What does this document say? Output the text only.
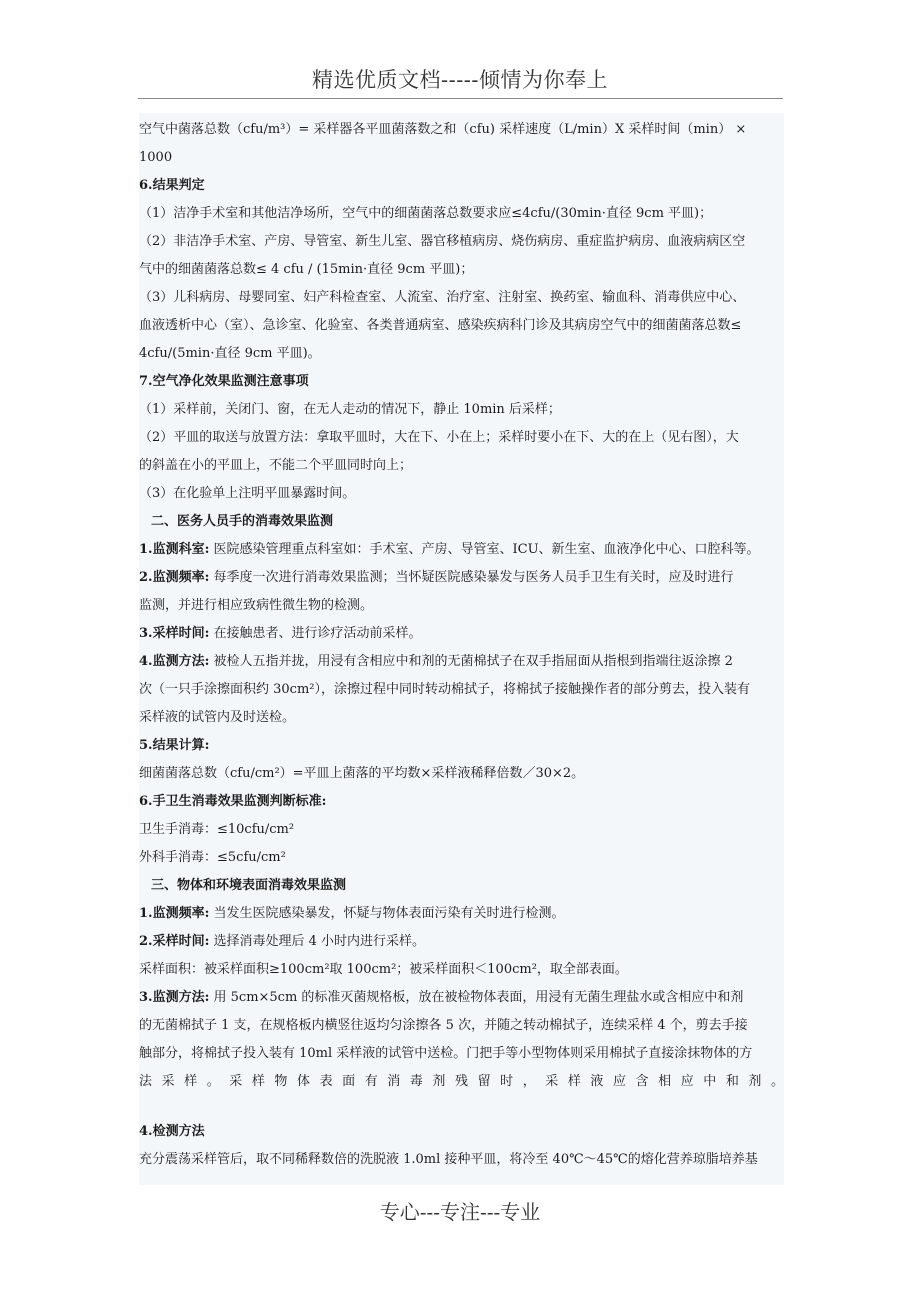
精选优质文档-----倾情为你奉上
空气中菌落总数（cfu/m³）= 采样器各平皿菌落数之和（cfu) 采样速度（L/min）X 采样时间（min） ×
1000
6.结果判定
（1）洁净手术室和其他洁净场所，空气中的细菌菌落总数要求应≤4cfu/(30min·直径 9cm 平皿)；
（2）非洁净手术室、产房、导管室、新生儿室、器官移植病房、烧伤病房、重症监护病房、血液病病区空
气中的细菌菌落总数≤ 4 cfu / (15min·直径 9cm 平皿)；
（3）儿科病房、母婴同室、妇产科检查室、人流室、治疗室、注射室、换药室、输血科、消毒供应中心、
血液透析中心（室）、急诊室、化验室、各类普通病室、感染疾病科门诊及其病房空气中的细菌菌落总数≤
4cfu/(5min·直径 9cm 平皿)。
7.空气净化效果监测注意事项
（1）采样前，关闭门、窗，在无人走动的情况下，静止 10min 后采样；
（2）平皿的取送与放置方法：拿取平皿时，大在下、小在上；采样时要小在下、大的在上（见右图），大
的斜盖在小的平皿上，不能二个平皿同时向上；
（3）在化验单上注明平皿暴露时间。
二、医务人员手的消毒效果监测
1.监测科室: 医院感染管理重点科室如：手术室、产房、导管室、ICU、新生室、血液净化中心、口腔科等。
2.监测频率: 每季度一次进行消毒效果监测；当怀疑医院感染暴发与医务人员手卫生有关时，应及时进行
监测，并进行相应致病性微生物的检测。
3.采样时间: 在接触患者、进行诊疗活动前采样。
4.监测方法: 被检人五指并拢，用浸有含相应中和剂的无菌棉拭子在双手指屈面从指根到指端往返涂擦 2
次（一只手涂擦面积约 30cm²），涂擦过程中同时转动棉拭子，将棉拭子接触操作者的部分剪去，投入装有
采样液的试管内及时送检。
5.结果计算:
细菌菌落总数（cfu/cm²）=平皿上菌落的平均数×采样液稀释倍数／30×2。
6.手卫生消毒效果监测判断标准:
卫生手消毒：≤10cfu/cm²
外科手消毒：≤5cfu/cm²
三、物体和环境表面消毒效果监测
1.监测频率: 当发生医院感染暴发，怀疑与物体表面污染有关时进行检测。
2.采样时间: 选择消毒处理后 4 小时内进行采样。
采样面积：被采样面积≥100cm²取 100cm²；被采样面积＜100cm²，取全部表面。
3.监测方法: 用 5cm×5cm 的标准灭菌规格板，放在被检物体表面，用浸有无菌生理盐水或含相应中和剂
的无菌棉拭子 1 支，在规格板内横竖往返均匀涂擦各 5 次，并随之转动棉拭子，连续采样 4 个，剪去手接
触部分，将棉拭子投入装有 10ml 采样液的试管中送检。门把手等小型物体则采用棉拭子直接涂抹物体的方
法采样。采样物体表面有消毒剂残留时，采样液应含相应中和剂。
4.检测方法
充分震荡采样管后，取不同稀释数倍的洗脱液 1.0ml 接种平皿，将冷至 40℃～45℃的熔化营养琼脂培养基
专心---专注---专业
